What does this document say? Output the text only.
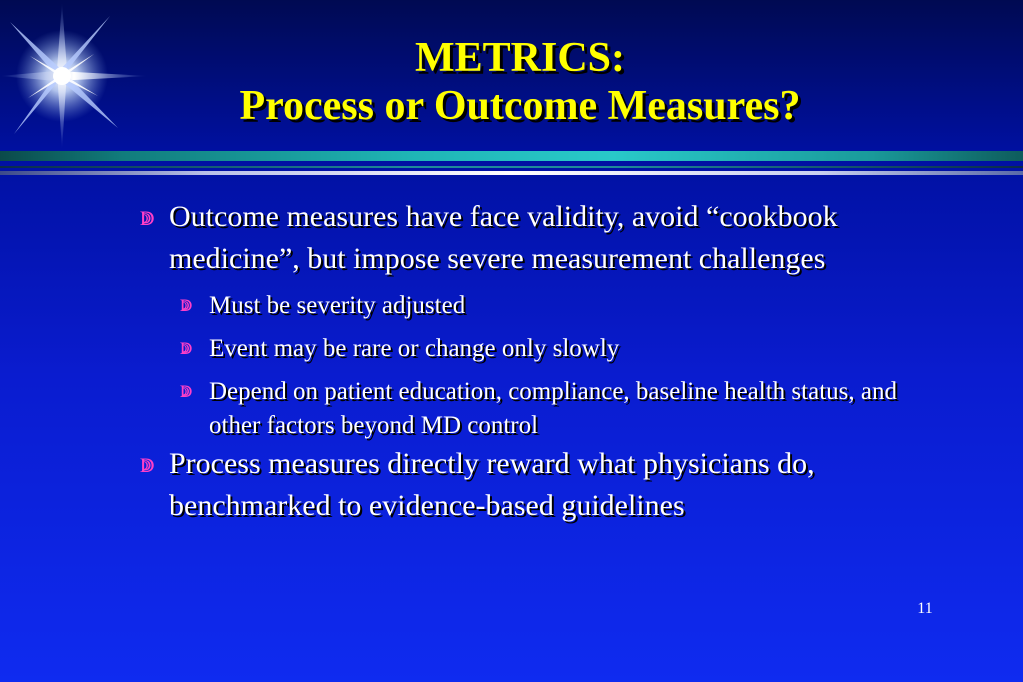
METRICS:
Process or Outcome Measures?
ↇ Outcome measures have face validity, avoid “cookbook medicine”, but impose severe measurement challenges
ↇ Must be severity adjusted
ↇ Event may be rare or change only slowly
ↇ Depend on patient education, compliance, baseline health status, and other factors beyond MD control
ↇ Process measures directly reward what physicians do, benchmarked to evidence-based guidelines
11
